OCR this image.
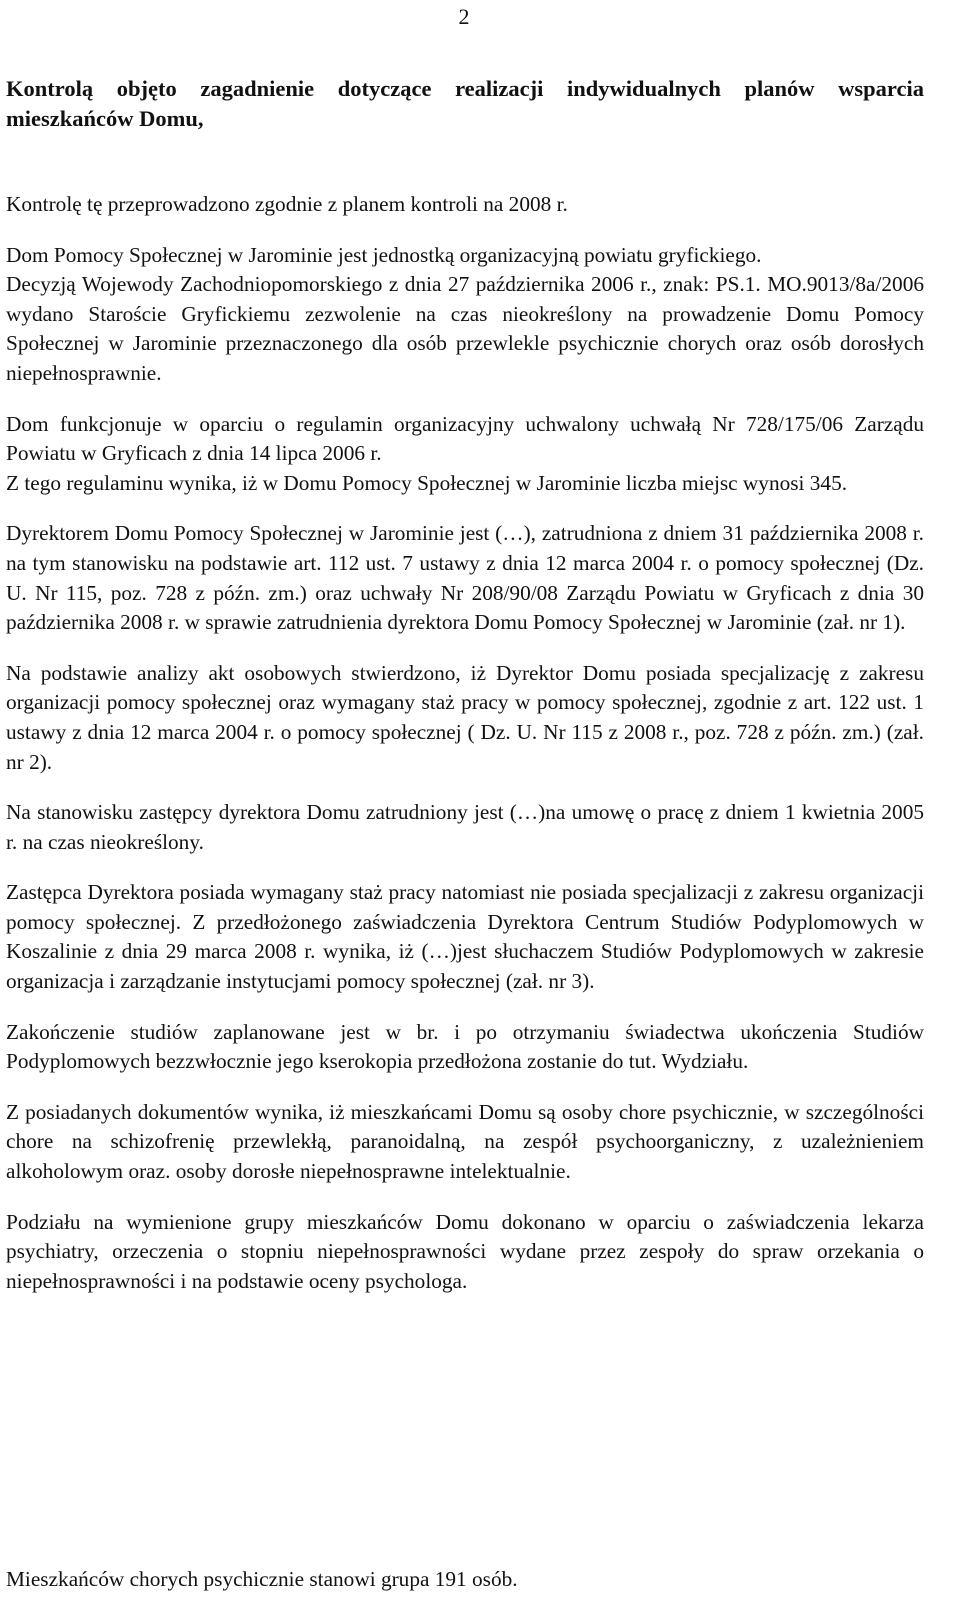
2

Kontrolą objęto zagadnienie dotyczące realizacji indywidualnych planów wsparcia mieszkańców Domu,

Kontrolę tę przeprowadzono zgodnie z planem kontroli na 2008 r.

Dom Pomocy Społecznej w Jarominie jest jednostką organizacyjną powiatu gryfickiego.

Decyzją Wojewody Zachodniopomorskiego z dnia 27 października 2006 r., znak: PS.1. MO.9013/8a/2006 wydano Staroście Gryfickiemu zezwolenie na czas nieokreślony na prowadzenie Domu Pomocy Społecznej w Jarominie przeznaczonego dla osób przewlekle psychicznie chorych oraz osób dorosłych niepełnosprawnie.

Dom funkcjonuje w oparciu o regulamin organizacyjny uchwalony uchwałą Nr 728/175/06 Zarządu Powiatu w Gryficach z dnia 14 lipca 2006 r.

Z tego regulaminu wynika, iż w Domu Pomocy Społecznej w Jarominie liczba miejsc wynosi 345.

Dyrektorem Domu Pomocy Społecznej w Jarominie jest (…), zatrudniona z dniem 31 października 2008 r. na tym stanowisku na podstawie art. 112 ust. 7 ustawy z dnia 12 marca 2004 r. o pomocy społecznej (Dz. U. Nr 115, poz. 728 z późn. zm.) oraz uchwały Nr 208/90/08 Zarządu Powiatu w Gryficach z dnia 30 października 2008 r. w sprawie zatrudnienia dyrektora Domu Pomocy Społecznej w Jarominie (zał. nr 1).

Na podstawie analizy akt osobowych stwierdzono, iż Dyrektor Domu posiada specjalizację z zakresu organizacji pomocy społecznej oraz wymagany staż pracy w pomocy społecznej, zgodnie z art. 122 ust. 1 ustawy z dnia 12 marca 2004 r. o pomocy społecznej ( Dz. U. Nr 115 z 2008 r., poz. 728 z późn. zm.) (zał. nr 2).

Na stanowisku zastępcy dyrektora Domu zatrudniony jest (…)na umowę o pracę z dniem 1 kwietnia 2005 r. na czas nieokreślony.

Zastępca Dyrektora posiada wymagany staż pracy natomiast nie posiada specjalizacji z zakresu organizacji pomocy społecznej. Z przedłożonego zaświadczenia Dyrektora Centrum Studiów Podyplomowych w Koszalinie z dnia 29 marca 2008 r. wynika, iż (…)jest słuchaczem Studiów Podyplomowych w zakresie organizacja i zarządzanie instytucjami pomocy społecznej (zał. nr 3).

Zakończenie studiów zaplanowane jest w br. i po otrzymaniu świadectwa ukończenia Studiów Podyplomowych bezzwłocznie jego kserokopia przedłożona zostanie do tut. Wydziału.

Z posiadanych dokumentów wynika, iż mieszkańcami Domu są osoby chore psychicznie, w szczególności chore na schizofrenię przewlekłą, paranoidalną, na zespół psychoorganiczny, z uzależnieniem alkoholowym oraz. osoby dorosłe niepełnosprawne intelektualnie.

Podziału na wymienione grupy mieszkańców Domu dokonano w oparciu o zaświadczenia lekarza psychiatry, orzeczenia o stopniu niepełnosprawności wydane przez zespoły do spraw orzekania o niepełnosprawności i na podstawie oceny psychologa.

Mieszkańców chorych psychicznie stanowi grupa 191 osób.
